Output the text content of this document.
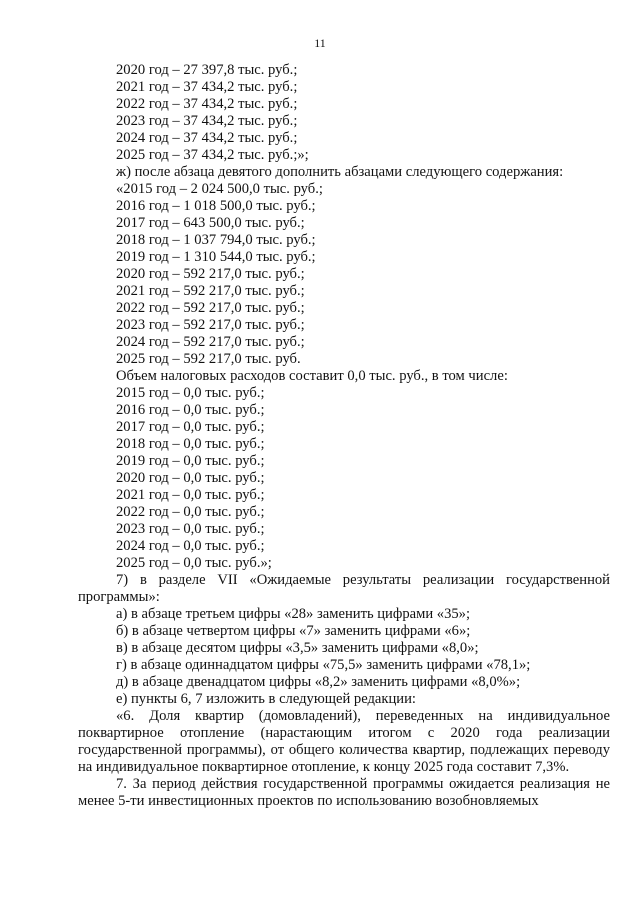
11
2020 год – 27 397,8 тыс. руб.;
2021 год – 37 434,2 тыс. руб.;
2022 год – 37 434,2 тыс. руб.;
2023 год – 37 434,2 тыс. руб.;
2024 год – 37 434,2 тыс. руб.;
2025 год – 37 434,2 тыс. руб.;»;
ж) после абзаца девятого дополнить абзацами следующего содержания:
«2015 год – 2 024 500,0 тыс. руб.;
2016 год – 1 018 500,0 тыс. руб.;
2017 год – 643 500,0 тыс. руб.;
2018 год – 1 037 794,0 тыс. руб.;
2019 год – 1 310 544,0 тыс. руб.;
2020 год – 592 217,0 тыс. руб.;
2021 год – 592 217,0 тыс. руб.;
2022 год – 592 217,0 тыс. руб.;
2023 год – 592 217,0 тыс. руб.;
2024 год – 592 217,0 тыс. руб.;
2025 год – 592 217,0 тыс. руб.
Объем налоговых расходов составит 0,0 тыс. руб., в том числе:
2015 год – 0,0 тыс. руб.;
2016 год – 0,0 тыс. руб.;
2017 год – 0,0 тыс. руб.;
2018 год – 0,0 тыс. руб.;
2019 год – 0,0 тыс. руб.;
2020 год – 0,0 тыс. руб.;
2021 год – 0,0 тыс. руб.;
2022 год – 0,0 тыс. руб.;
2023 год – 0,0 тыс. руб.;
2024 год – 0,0 тыс. руб.;
2025 год – 0,0 тыс. руб.»;

7) в разделе VII «Ожидаемые результаты реализации государственной программы»:

а) в абзаце третьем цифры «28» заменить цифрами «35»;
б) в абзаце четвертом цифры «7» заменить цифрами «6»;
в) в абзаце десятом цифры «3,5» заменить цифрами «8,0»;
г) в абзаце одиннадцатом цифры «75,5» заменить цифрами «78,1»;
д) в абзаце двенадцатом цифры «8,2» заменить цифрами «8,0%»;
е) пункты 6, 7 изложить в следующей редакции:

«6. Доля квартир (домовладений), переведенных на индивидуальное поквартирное отопление (нарастающим итогом с 2020 года реализации государственной программы), от общего количества квартир, подлежащих переводу на индивидуальное поквартирное отопление, к концу 2025 года составит 7,3%.

7. За период действия государственной программы ожидается реализация не менее 5-ти инвестиционных проектов по использованию возобновляемых
